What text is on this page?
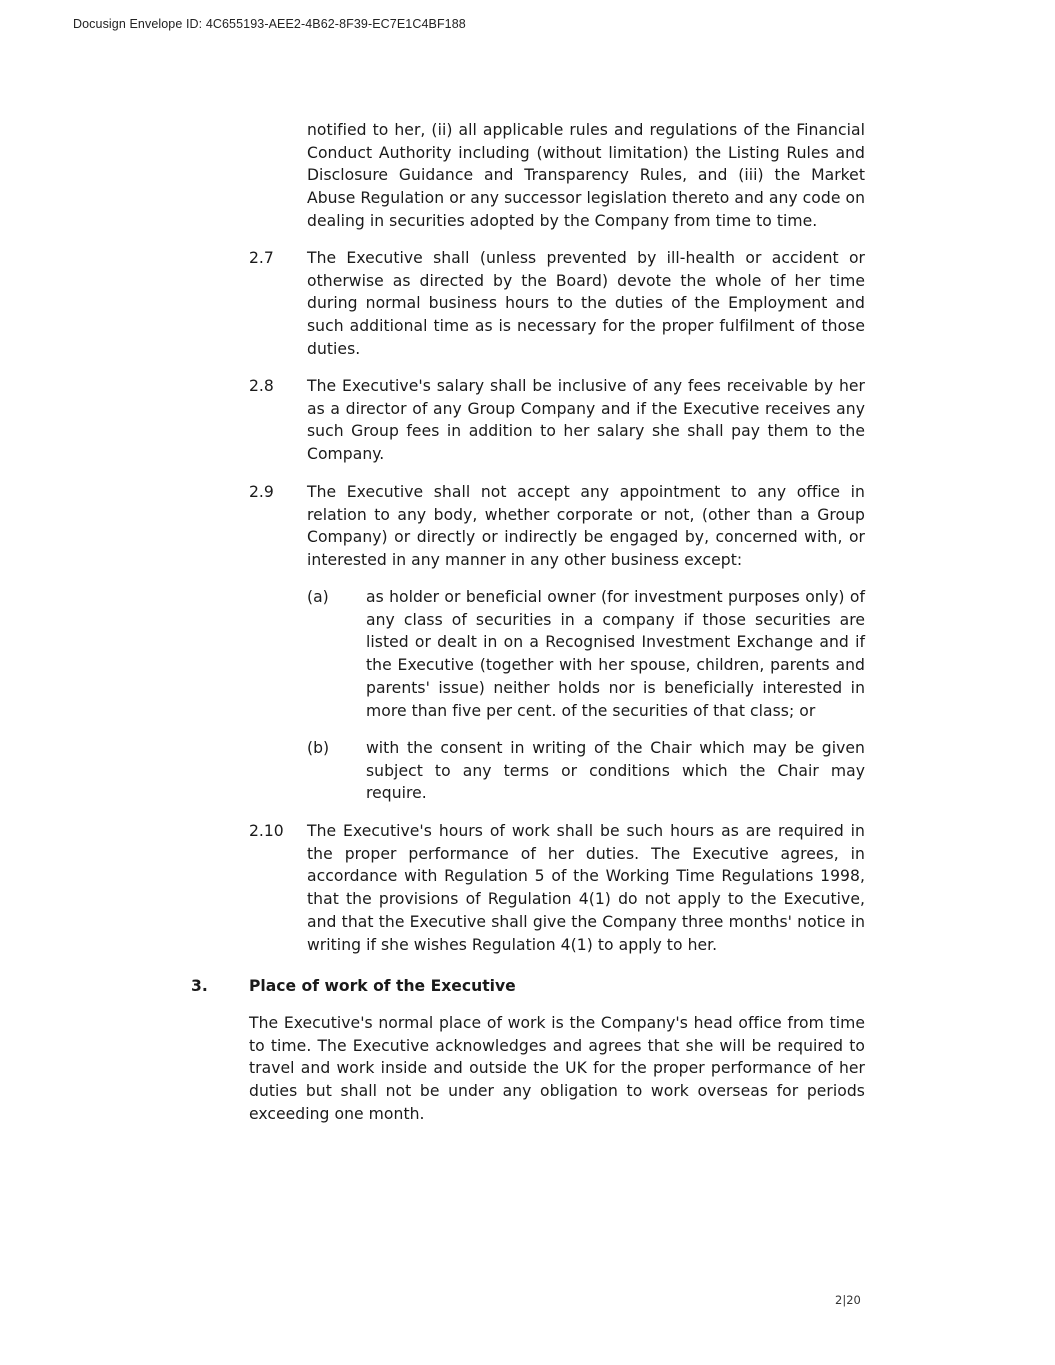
Docusign Envelope ID: 4C655193-AEE2-4B62-8F39-EC7E1C4BF188
notified to her, (ii) all applicable rules and regulations of the Financial Conduct Authority including (without limitation) the Listing Rules and Disclosure Guidance and Transparency Rules, and (iii) the Market Abuse Regulation or any successor legislation thereto and any code on dealing in securities adopted by the Company from time to time.
2.7 The Executive shall (unless prevented by ill-health or accident or otherwise as directed by the Board) devote the whole of her time during normal business hours to the duties of the Employment and such additional time as is necessary for the proper fulfilment of those duties.
2.8 The Executive's salary shall be inclusive of any fees receivable by her as a director of any Group Company and if the Executive receives any such Group fees in addition to her salary she shall pay them to the Company.
2.9 The Executive shall not accept any appointment to any office in relation to any body, whether corporate or not, (other than a Group Company) or directly or indirectly be engaged by, concerned with, or interested in any manner in any other business except:
(a) as holder or beneficial owner (for investment purposes only) of any class of securities in a company if those securities are listed or dealt in on a Recognised Investment Exchange and if the Executive (together with her spouse, children, parents and parents' issue) neither holds nor is beneficially interested in more than five per cent. of the securities of that class; or
(b) with the consent in writing of the Chair which may be given subject to any terms or conditions which the Chair may require.
2.10 The Executive's hours of work shall be such hours as are required in the proper performance of her duties. The Executive agrees, in accordance with Regulation 5 of the Working Time Regulations 1998, that the provisions of Regulation 4(1) do not apply to the Executive, and that the Executive shall give the Company three months' notice in writing if she wishes Regulation 4(1) to apply to her.
3.	Place of work of the Executive
The Executive's normal place of work is the Company's head office from time to time. The Executive acknowledges and agrees that she will be required to travel and work inside and outside the UK for the proper performance of her duties but shall not be under any obligation to work overseas for periods exceeding one month.
2|20
